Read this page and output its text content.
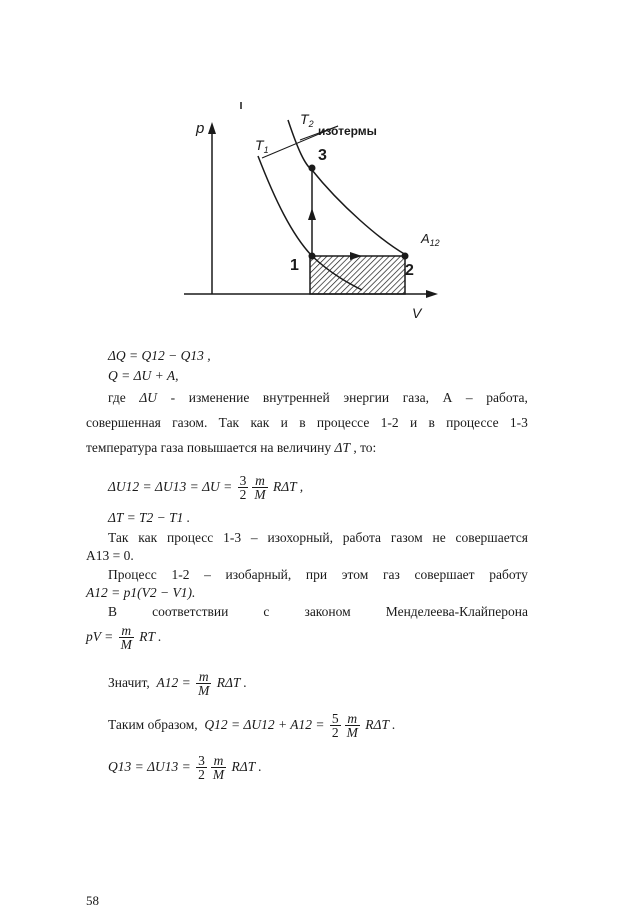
p
V
$T_1$
$T_2$ изотермы
1	2
3
$A_{12}$
ΔQ = Q12 − Q13 ,
Q = ΔU + A,
где ΔU - изменение внутренней энергии газа, А – работа,
совершенная газом. Так как и в процессе 1-2 и в процессе 1-3
температура газа повышается на величину ΔT , то:
$\Delta U12 = \Delta U13 = \Delta U = \frac{3}{2} \frac{m}{M}$ RΔT ,
ΔT = T2 − T1 .
Так как процесс 1-3 – изохорный, работа газом не совершается
A13 = 0.
Процесс 1-2 – изобарный, при этом газ совершает работу
A12 = p1(V2 − V1).
В	соответствии	с	законом	Менделеева-Клайперона
pV = $\frac{m}{M}$ RT .
Значит, $A12 = \frac{m}{M}$ RΔT .
Таким образом, $Q12 = \Delta U12 + A12 = \frac{5}{2} \frac{m}{M}$ RΔT .
$Q13 = \Delta U13 = \frac{3}{2} \frac{m}{M}$ RΔT .
58
